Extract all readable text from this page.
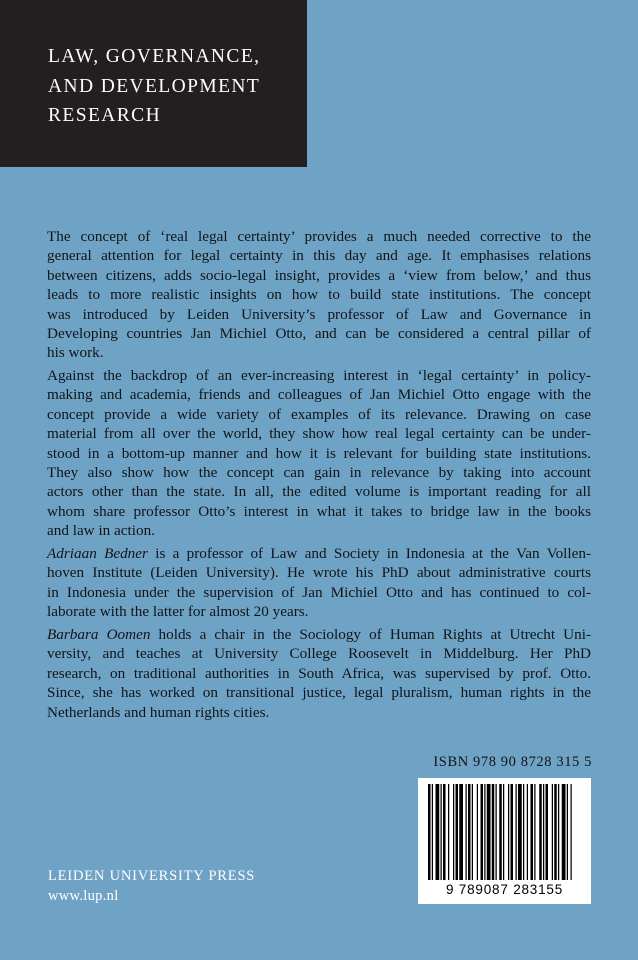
LAW, GOVERNANCE,
AND DEVELOPMENT
RESEARCH

The concept of ‘real legal certainty’ provides a much needed corrective to the
general attention for legal certainty in this day and age. It emphasises relations
between citizens, adds socio-legal insight, provides a ‘view from below,’ and thus
leads to more realistic insights on how to build state institutions. The concept
was introduced by Leiden University’s professor of Law and Governance in
Developing countries Jan Michiel Otto, and can be considered a central pillar of
his work.

Against the backdrop of an ever-increasing interest in ‘legal certainty’ in policy-
making and academia, friends and colleagues of Jan Michiel Otto engage with the
concept provide a wide variety of examples of its relevance. Drawing on case
material from all over the world, they show how real legal certainty can be under-
stood in a bottom-up manner and how it is relevant for building state institutions.
They also show how the concept can gain in relevance by taking into account
actors other than the state. In all, the edited volume is important reading for all
whom share professor Otto’s interest in what it takes to bridge law in the books
and law in action.

Adriaan Bedner is a professor of Law and Society in Indonesia at the Van Vollen-
hoven Institute (Leiden University). He wrote his PhD about administrative courts
in Indonesia under the supervision of Jan Michiel Otto and has continued to col-
laborate with the latter for almost 20 years.

Barbara Oomen holds a chair in the Sociology of Human Rights at Utrecht Uni-
versity, and teaches at University College Roosevelt in Middelburg. Her PhD
research, on traditional authorities in South Africa, was supervised by prof. Otto.
Since, she has worked on transitional justice, legal pluralism, human rights in the
Netherlands and human rights cities.

ISBN 978 90 8728 315 5
9 789087 283155
LEIDEN UNIVERSITY PRESS
www.lup.nl
